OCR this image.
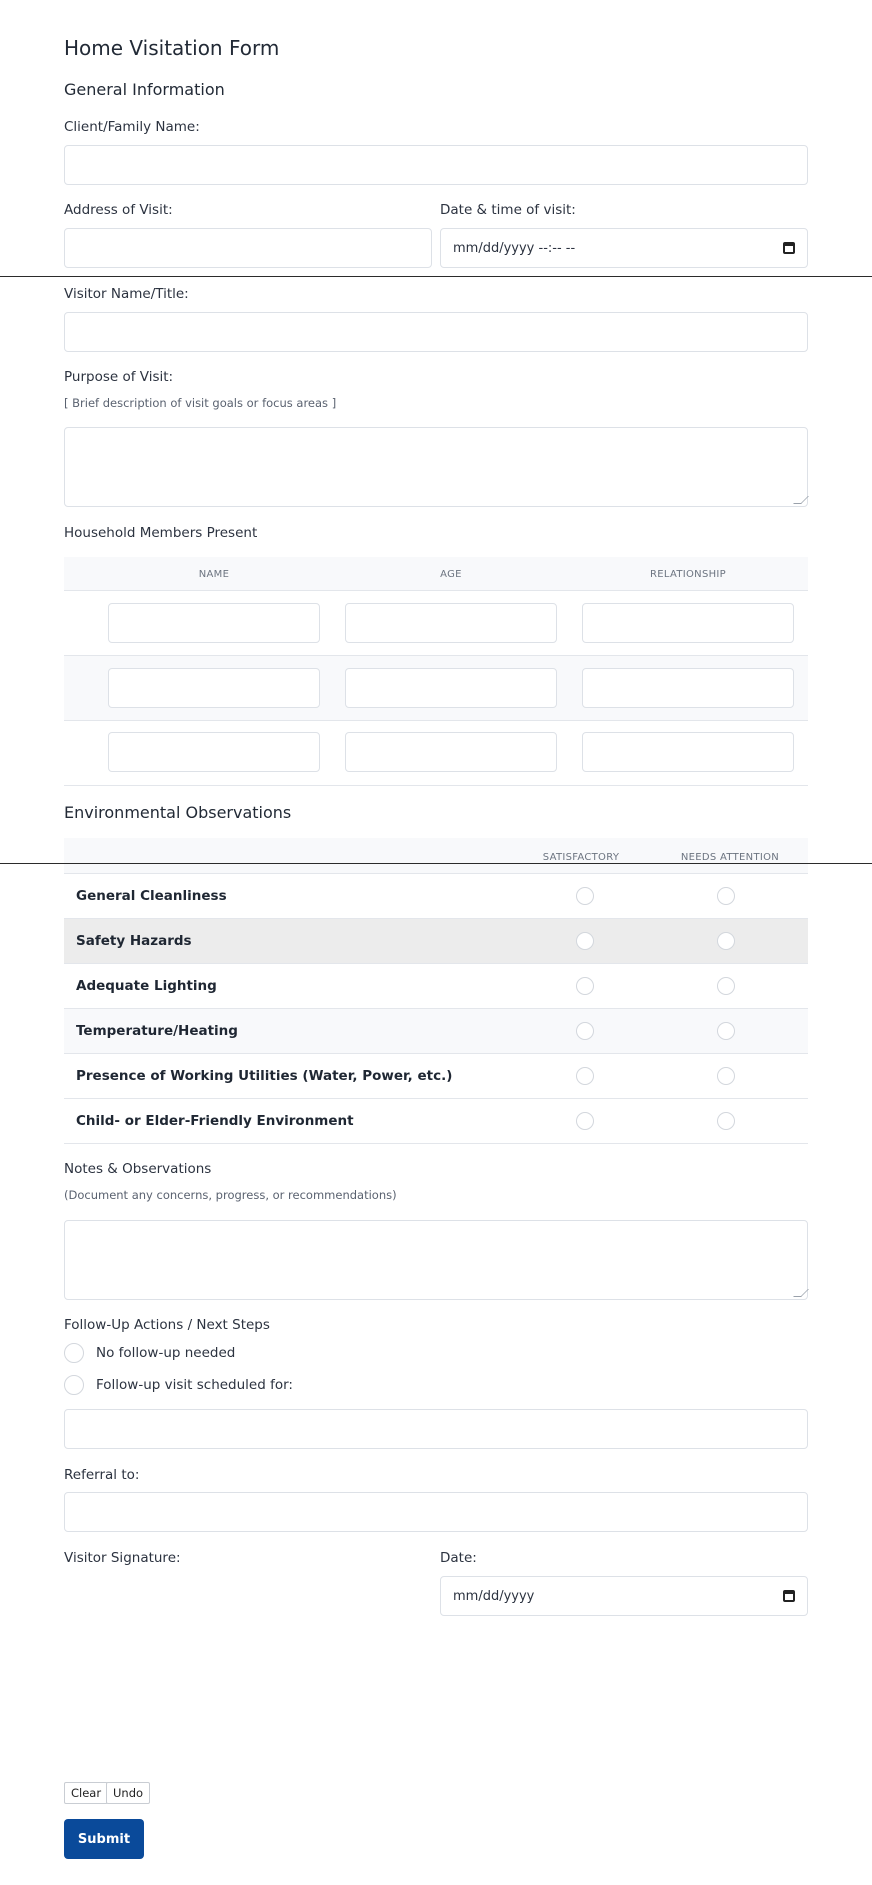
Home Visitation Form
General Information
Client/Family Name:
Address of Visit:	Date & time of visit:
mm/dd/yyyy --:-- --
Visitor Name/Title:
Purpose of Visit:
[ Brief description of visit goals or focus areas ]
Household Members Present
NAME	AGE	RELATIONSHIP
Environmental Observations
SATISFACTORY	NEEDS ATTENTION
General Cleanliness
Safety Hazards
Adequate Lighting
Temperature/Heating
Presence of Working Utilities (Water, Power, etc.)
Child- or Elder-Friendly Environment
Notes & Observations
(Document any concerns, progress, or recommendations)
Follow-Up Actions / Next Steps
No follow-up needed
Follow-up visit scheduled for:
Referral to:
Visitor Signature:	Date:
mm/dd/yyyy
Clear	Undo
Submit
